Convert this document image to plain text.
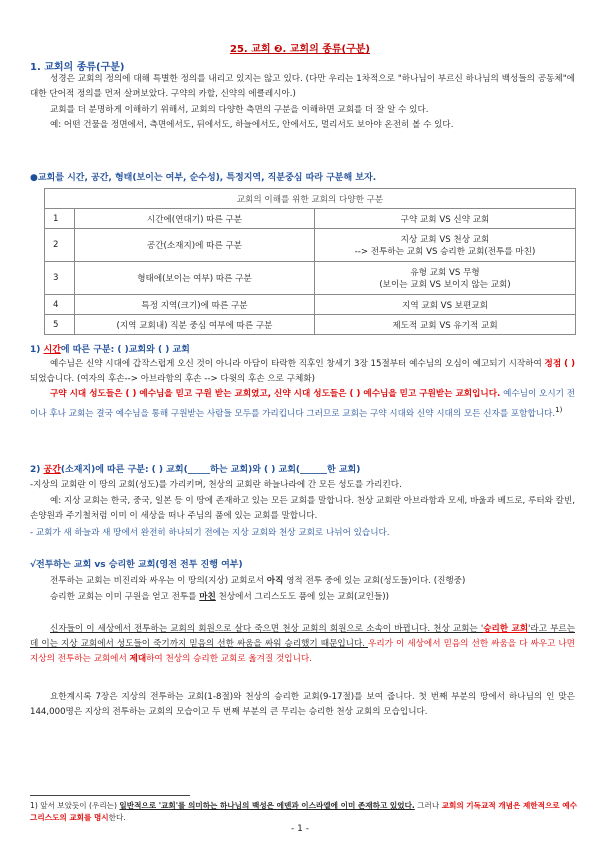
25. 교회 ❷. 교회의 종류(구분)
1. 교회의 종류(구분)
성경은 교회의 정의에 대해 특별한 정의를 내리고 있지는 않고 있다. (다만 우리는 1차적으로 "하나님이 부르신 하나님의 백성들의 공동체"에 대한 단어적 정의를 먼저 살펴보았다. 구약의 카할, 신약의 에클레시아.)
교회를 더 분명하게 이해하기 위해서, 교회의 다양한 측면의 구분을 이해하면 교회를 더 잘 알 수 있다.
예: 어떤 건물을 정면에서, 측면에서도, 뒤에서도, 하늘에서도, 안에서도, 멀리서도 보아야 온전히 볼 수 있다.
●교회를 시간, 공간, 형태(보이는 여부, 순수성), 특정지역, 직분중심 따라 구분해 보자.
교회의 이해를 위한 교회의 다양한 구분		
1	시간에(연대기) 따른 구분	구약 교회 VS 신약 교회
2	공간(소재지)에 따른 구분	지상 교회 VS 천상 교회
--> 전투하는 교회 VS 승리한 교회(전투를 마친)

3	형태에(보이는 여부) 따른 구분	유형 교회 VS 무형
(보이는 교회 VS 보이지 않는 교회)

4	특정 지역(크기)에 따른 구분	지역 교회 VS 보편교회
5	(지역 교회내) 직분 중심 여부에 따른 구분	제도적 교회 VS 유기적 교회
1) 시간에 따른 구분: ( )교회와 ( ) 교회
예수님은 신약 시대에 갑작스럽게 오신 것이 아니라 아담이 타락한 직후인 창세기 3장 15절부터 예수님의 오심이 예고되기 시작하여 정점 ( )되었습니다. (여자의 후손--> 아브라함의 후손 --> 다윗의 후손 으로 구체화)
구약 시대 성도들은 ( ) 예수님을 믿고 구원 받는 교회였고, 신약 시대 성도들은 ( ) 예수님을 믿고 구원받는 교회입니다. 예수님이 오시기 전이나 후나 교회는 결국 예수님을 통해 구원받는 사람들 모두를 가리킵니다 그러므로 교회는 구약 시대와 신약 시대의 모든 신자를 포함합니다.$^{1)}$
2) 공간(소재지)에 따른 구분: ( ) 교회(_____하는 교회)와 ( ) 교회(______한 교회)
-지상의 교회란 이 땅의 교회(성도)를 가리키며, 천상의 교회란 하늘나라에 간 모든 성도를 가리킨다.
예: 지상 교회는 한국, 중국, 일본 등 이 땅에 존재하고 있는 모든 교회를 말합니다. 천상 교회란 아브라함과 모세, 바울과 베드로, 루터와 칼빈, 손양원과 주기철처럼 이미 이 세상을 떠나 주님의 품에 있는 교회를 말합니다.
- 교회가 새 하늘과 새 땅에서 완전히 하나되기 전에는 지상 교회와 천상 교회로 나뉘어 있습니다.
√전투하는 교회 vs 승리한 교회(영전 전투 진행 여부)
전투하는 교회는 비진리와 싸우는 이 땅의(지상) 교회로서 아직 영적 전투 중에 있는 교회(성도들)이다. (진행중)
승리한 교회는 이미 구원을 얻고 전투를 마친 천상에서 그리스도도 품에 있는 교회(교인들))
신자들이 이 세상에서 전투하는 교회의 회원으로 살다 죽으면 천상 교회의 회원으로 소속이 바뀝니다. 천상 교회는 '승리한 교회'라고 부르는데 이는 지상 교회에서 성도들이 죽기까지 믿음의 선한 싸움을 싸워 승리했기 때문입니다. 우리가 이 세상에서 믿음의 선한 싸움을 다 싸우고 나면 지상의 전투하는 교회에서 제대하여 천상의 승리한 교회로 옮겨질 것입니다.
요한계시록 7장은 지상의 전투하는 교회(1-8절)와 천상의 승리한 교회(9-17절)를 보여 줍니다. 첫 번째 부분의 땅에서 하나님의 인 맞은 144,000명은 지상의 전투하는 교회의 모습이고 두 번째 부분의 큰 무리는 승리한 천상 교회의 모습입니다.
1) 앞서 보았듯이 (우리는) 일반적으로 '교회'를 의미하는 하나님의 백성은 에덴과 이스라엘에 이미 존재하고 있었다. 그러나 교회의 기독교적 개념은 제한적으로 예수 그리스도의 교회를 명시한다.
- 1 -
